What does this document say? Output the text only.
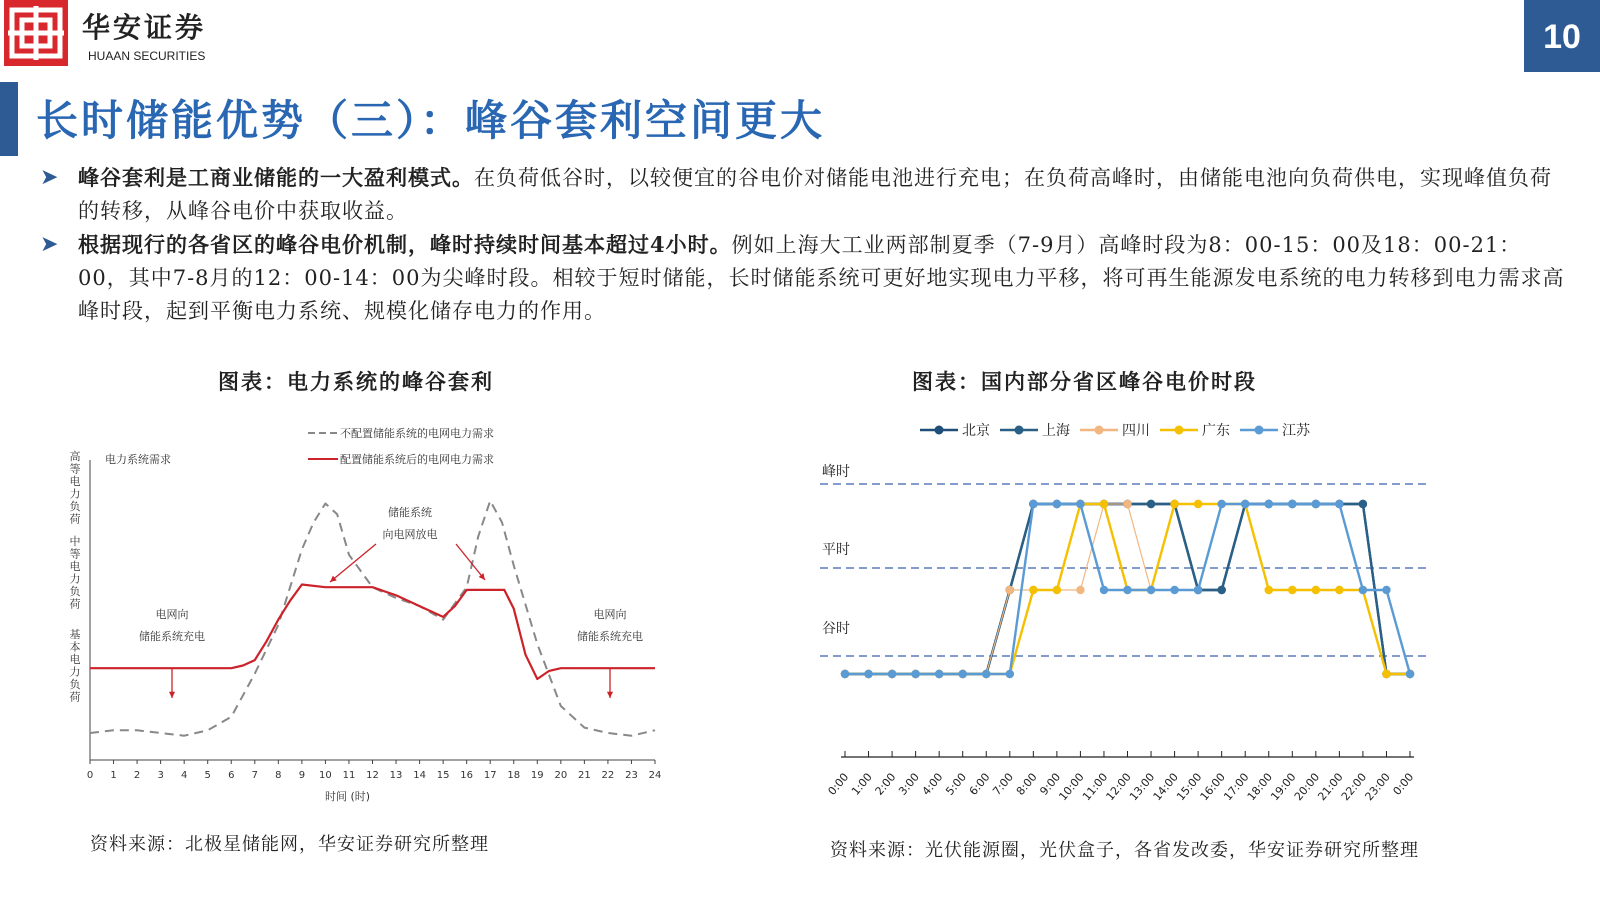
华安证券
HUAAN SECURITIES	10
长时储能优势（三）：峰谷套利空间更大
➤ 峰谷套利是工商业储能的一大盈利模式。在负荷低谷时，以较便宜的谷电价对储能电池进行充电；在负荷高峰时，由储能电池向负荷供电，实现峰值负荷的转移，从峰谷电价中获取收益。
➤ 根据现行的各省区的峰谷电价机制，峰时持续时间基本超过4小时。例如上海大工业两部制夏季（7-9月）高峰时段为8：00-15：00及18：00-21：00，其中7-8月的12：00-14：00为尖峰时段。相较于短时储能，长时储能系统可更好地实现电力平移，将可再生能源发电系统的电力转移到电力需求高峰时段，起到平衡电力系统、规模化储存电力的作用。
图表：电力系统的峰谷套利
0 1 2 3 4 5 6 7 8 9 10 11 12 13 14 15 16 17 18 19 20 21 22 23 24
时间 (时)
电力系统需求
高等电力负荷
中等电力负荷
基本电力负荷
不配置储能系统的电网电力需求
配置储能系统后的电网电力需求
储能系统
向电网放电
电网向
储能系统充电
电网向
储能系统充电
资料来源：北极星储能网，华安证券研究所整理
图表：国内部分省区峰谷电价时段
北京	上海	四川	广东	江苏
谷时
平时
峰时
0:00
1:00
2:00
3:00
4:00
5:00
6:00
7:00
8:00
9:00
10:00
11:00
12:00
13:00
14:00
15:00
16:00
17:00
18:00
19:00
20:00
21:00
22:00
23:00
0:00
资料来源：光伏能源圈，光伏盒子，各省发改委，华安证券研究所整理
